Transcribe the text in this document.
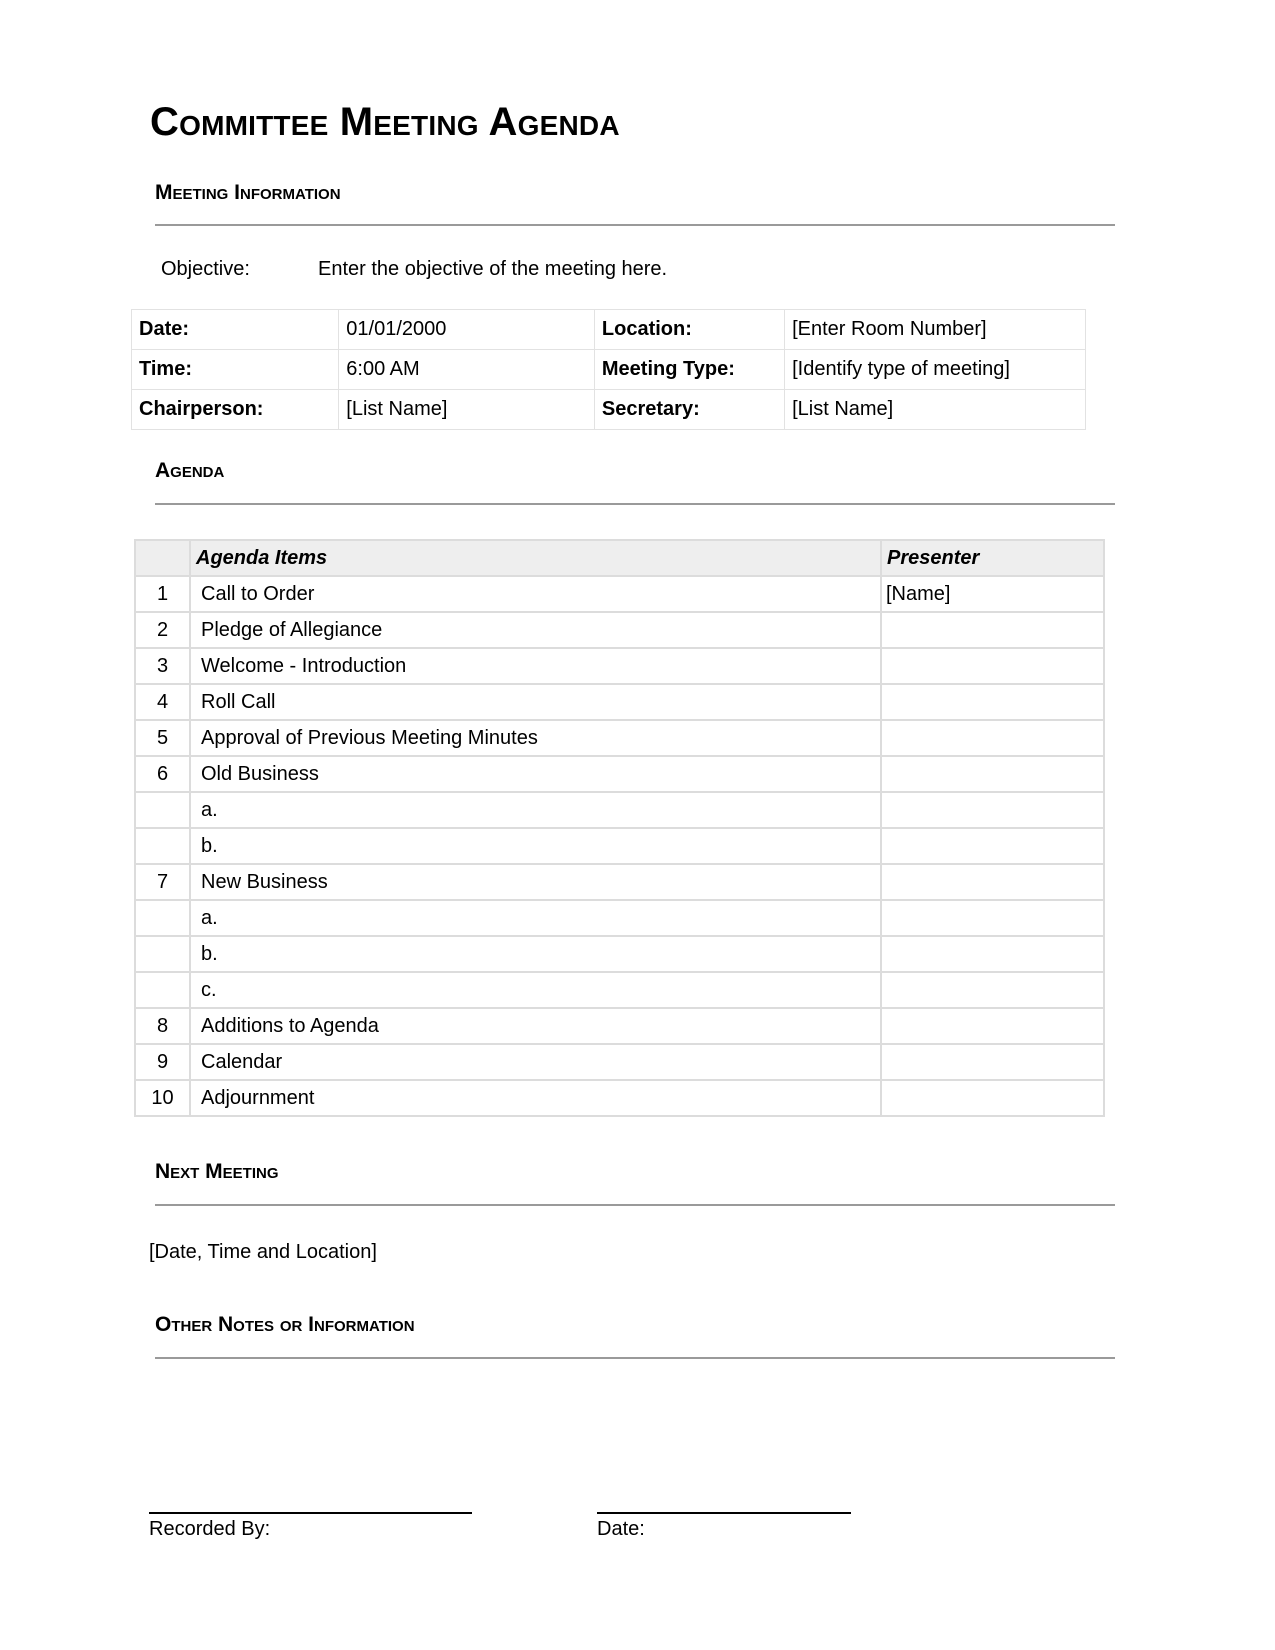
Committee Meeting Agenda
Meeting Information
Objective:	Enter the objective of the meeting here.
Date:	01/01/2000	Location:	[Enter Room Number]
Time:	6:00 AM	Meeting Type:	[Identify type of meeting]
Chairperson:	[List Name]	Secretary:	[List Name]
Agenda
	Agenda Items	Presenter
1	Call to Order	[Name]
2	Pledge of Allegiance	
3	Welcome - Introduction	
4	Roll Call	
5	Approval of Previous Meeting Minutes	
6	Old Business	
	a.	
	b.	
7	New Business	
	a.	
	b.	
	c.	
8	Additions to Agenda	
9	Calendar	
10	Adjournment	
Next Meeting
[Date, Time and Location]
Other Notes or Information
Recorded By:	Date:
